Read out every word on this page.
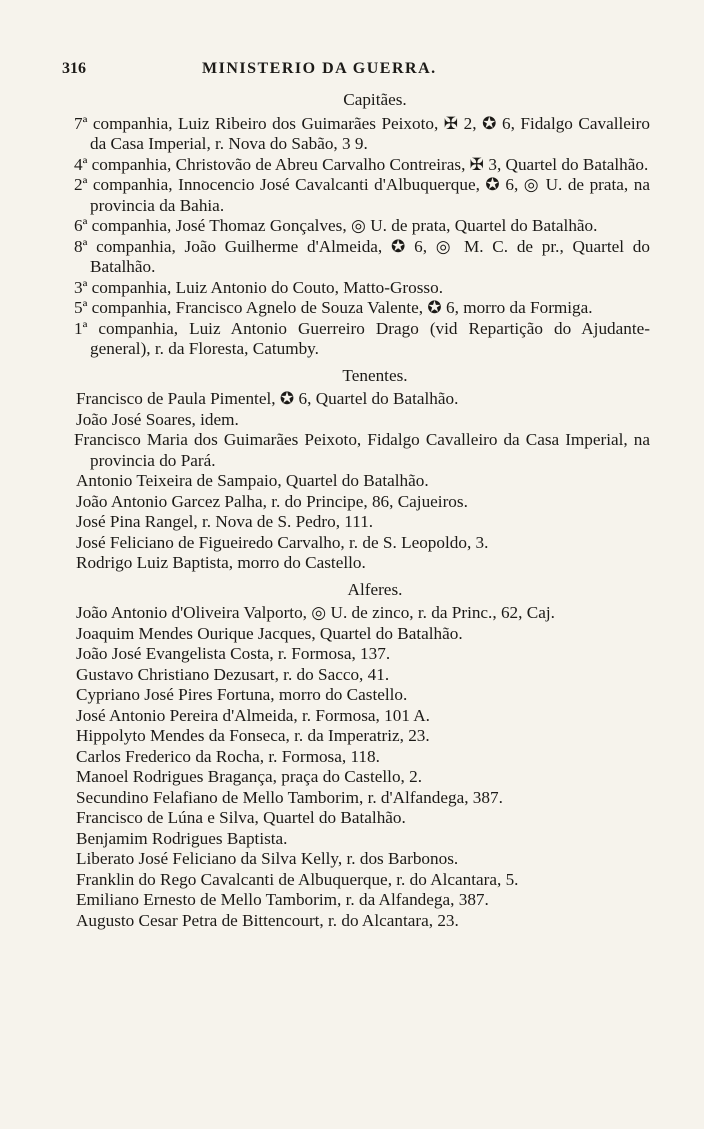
316	MINISTERIO DA GUERRA.
Capitães.

7ª companhia, Luiz Ribeiro dos Guimarães Peixoto, ✠ 2, ✪ 6, Fidalgo Cavalleiro da Casa Imperial, r. Nova do Sabão, 3 9.

4ª companhia, Christovão de Abreu Carvalho Contreiras, ✠ 3, Quartel do Batalhão.

2ª companhia, Innocencio José Cavalcanti d'Albuquerque, ✪ 6, ◎ U. de prata, na provincia da Bahia.

6ª companhia, José Thomaz Gonçalves, ◎ U. de prata, Quartel do Batalhão.

8ª companhia, João Guilherme d'Almeida, ✪ 6, ◎ M. C. de pr., Quartel do Batalhão.

3ª companhia, Luiz Antonio do Couto, Matto-Grosso.

5ª companhia, Francisco Agnelo de Souza Valente, ✪ 6, morro da Formiga.

1ª companhia, Luiz Antonio Guerreiro Drago (vid Repartição do Ajudante-general), r. da Floresta, Catumby.

Tenentes.

Francisco de Paula Pimentel, ✪ 6, Quartel do Batalhão.

João José Soares, idem.

Francisco Maria dos Guimarães Peixoto, Fidalgo Cavalleiro da Casa Imperial, na provincia do Pará.

Antonio Teixeira de Sampaio, Quartel do Batalhão.

João Antonio Garcez Palha, r. do Principe, 86, Cajueiros.

José Pina Rangel, r. Nova de S. Pedro, 111.

José Feliciano de Figueiredo Carvalho, r. de S. Leopoldo, 3.

Rodrigo Luiz Baptista, morro do Castello.

Alferes.

João Antonio d'Oliveira Valporto, ◎ U. de zinco, r. da Princ., 62, Caj.

Joaquim Mendes Ourique Jacques, Quartel do Batalhão.

João José Evangelista Costa, r. Formosa, 137.

Gustavo Christiano Dezusart, r. do Sacco, 41.

Cypriano José Pires Fortuna, morro do Castello.

José Antonio Pereira d'Almeida, r. Formosa, 101 A.

Hippolyto Mendes da Fonseca, r. da Imperatriz, 23.

Carlos Frederico da Rocha, r. Formosa, 118.

Manoel Rodrigues Bragança, praça do Castello, 2.

Secundino Felafiano de Mello Tamborim, r. d'Alfandega, 387.

Francisco de Lúna e Silva, Quartel do Batalhão.

Benjamim Rodrigues Baptista.

Liberato José Feliciano da Silva Kelly, r. dos Barbonos.

Franklin do Rego Cavalcanti de Albuquerque, r. do Alcantara, 5.

Emiliano Ernesto de Mello Tamborim, r. da Alfandega, 387.

Augusto Cesar Petra de Bittencourt, r. do Alcantara, 23.
